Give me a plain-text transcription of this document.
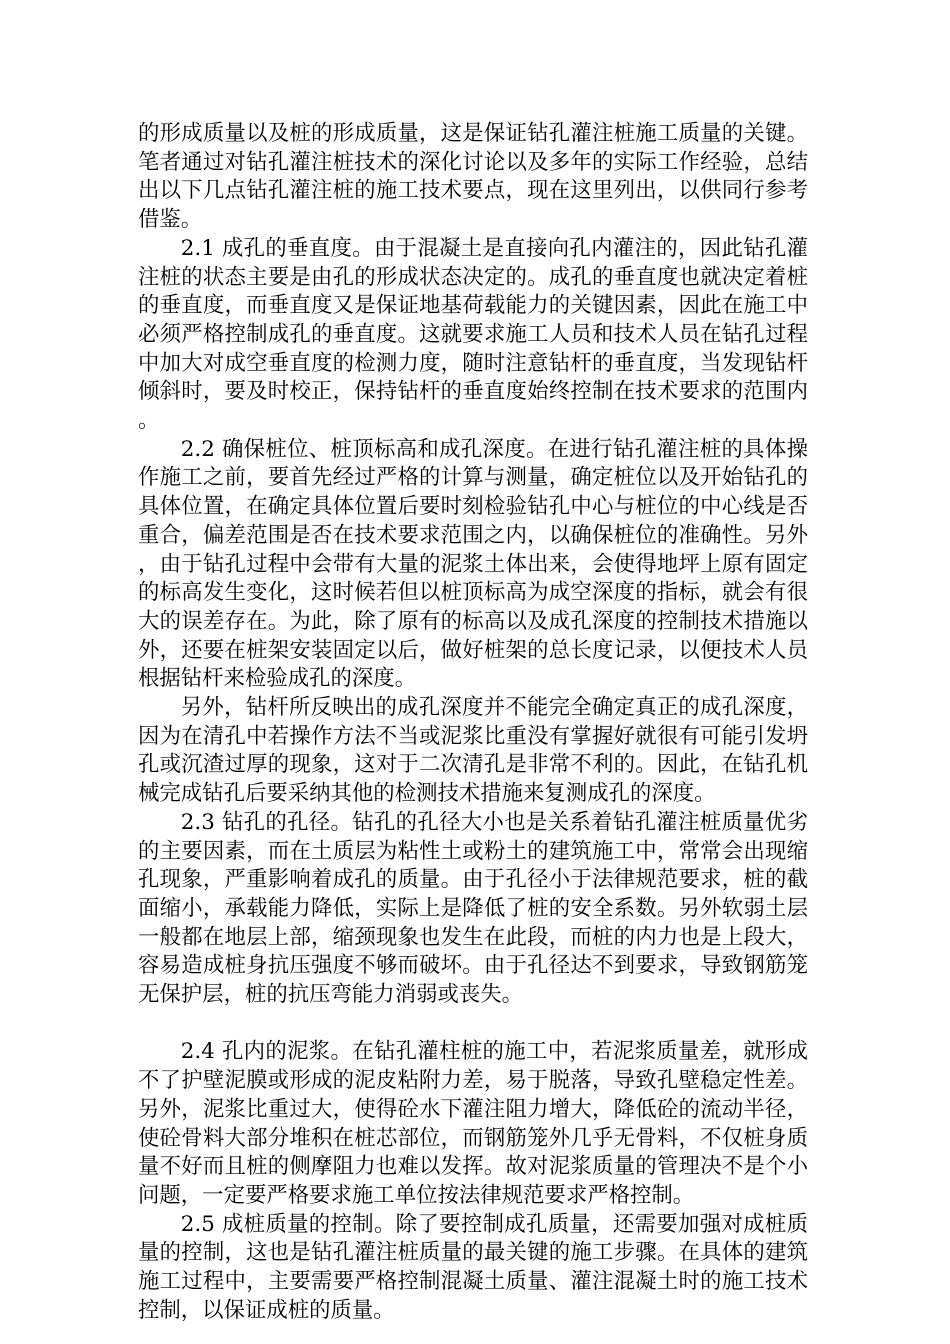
的形成质量以及桩的形成质量，这是保证钻孔灌注桩施工质量的关键。笔者通过对钻孔灌注桩技术的深化讨论以及多年的实际工作经验，总结出以下几点钻孔灌注桩的施工技术要点，现在这里列出，以供同行参考借鉴。

2.1 成孔的垂直度。由于混凝土是直接向孔内灌注的，因此钻孔灌注桩的状态主要是由孔的形成状态决定的。成孔的垂直度也就决定着桩的垂直度，而垂直度又是保证地基荷载能力的关键因素，因此在施工中必须严格控制成孔的垂直度。这就要求施工人员和技术人员在钻孔过程中加大对成空垂直度的检测力度，随时注意钻杆的垂直度，当发现钻杆倾斜时，要及时校正，保持钻杆的垂直度始终控制在技术要求的范围内。

2.2 确保桩位、桩顶标高和成孔深度。在进行钻孔灌注桩的具体操作施工之前，要首先经过严格的计算与测量，确定桩位以及开始钻孔的具体位置，在确定具体位置后要时刻检验钻孔中心与桩位的中心线是否重合，偏差范围是否在技术要求范围之内，以确保桩位的准确性。另外，由于钻孔过程中会带有大量的泥浆土体出来，会使得地坪上原有固定的标高发生变化，这时候若但以桩顶标高为成空深度的指标，就会有很大的误差存在。为此，除了原有的标高以及成孔深度的控制技术措施以外，还要在桩架安装固定以后，做好桩架的总长度记录，以便技术人员根据钻杆来检验成孔的深度。

另外，钻杆所反映出的成孔深度并不能完全确定真正的成孔深度，因为在清孔中若操作方法不当或泥浆比重没有掌握好就很有可能引发坍孔或沉渣过厚的现象，这对于二次清孔是非常不利的。因此，在钻孔机械完成钻孔后要采纳其他的检测技术措施来复测成孔的深度。

2.3 钻孔的孔径。钻孔的孔径大小也是关系着钻孔灌注桩质量优劣的主要因素，而在土质层为粘性土或粉土的建筑施工中，常常会出现缩孔现象，严重影响着成孔的质量。由于孔径小于法律规范要求，桩的截面缩小，承载能力降低，实际上是降低了桩的安全系数。另外软弱土层一般都在地层上部，缩颈现象也发生在此段，而桩的内力也是上段大，容易造成桩身抗压强度不够而破坏。由于孔径达不到要求，导致钢筋笼无保护层，桩的抗压弯能力消弱或丧失。

2.4 孔内的泥浆。在钻孔灌柱桩的施工中，若泥浆质量差，就形成不了护壁泥膜或形成的泥皮粘附力差，易于脱落，导致孔壁稳定性差。另外，泥浆比重过大，使得砼水下灌注阻力增大，降低砼的流动半径，使砼骨料大部分堆积在桩芯部位，而钢筋笼外几乎无骨料，不仅桩身质量不好而且桩的侧摩阻力也难以发挥。故对泥浆质量的管理决不是个小问题，一定要严格要求施工单位按法律规范要求严格控制。

2.5 成桩质量的控制。除了要控制成孔质量，还需要加强对成桩质量的控制，这也是钻孔灌注桩质量的最关键的施工步骤。在具体的建筑施工过程中，主要需要严格控制混凝土质量、灌注混凝土时的施工技术控制，以保证成桩的质量。
